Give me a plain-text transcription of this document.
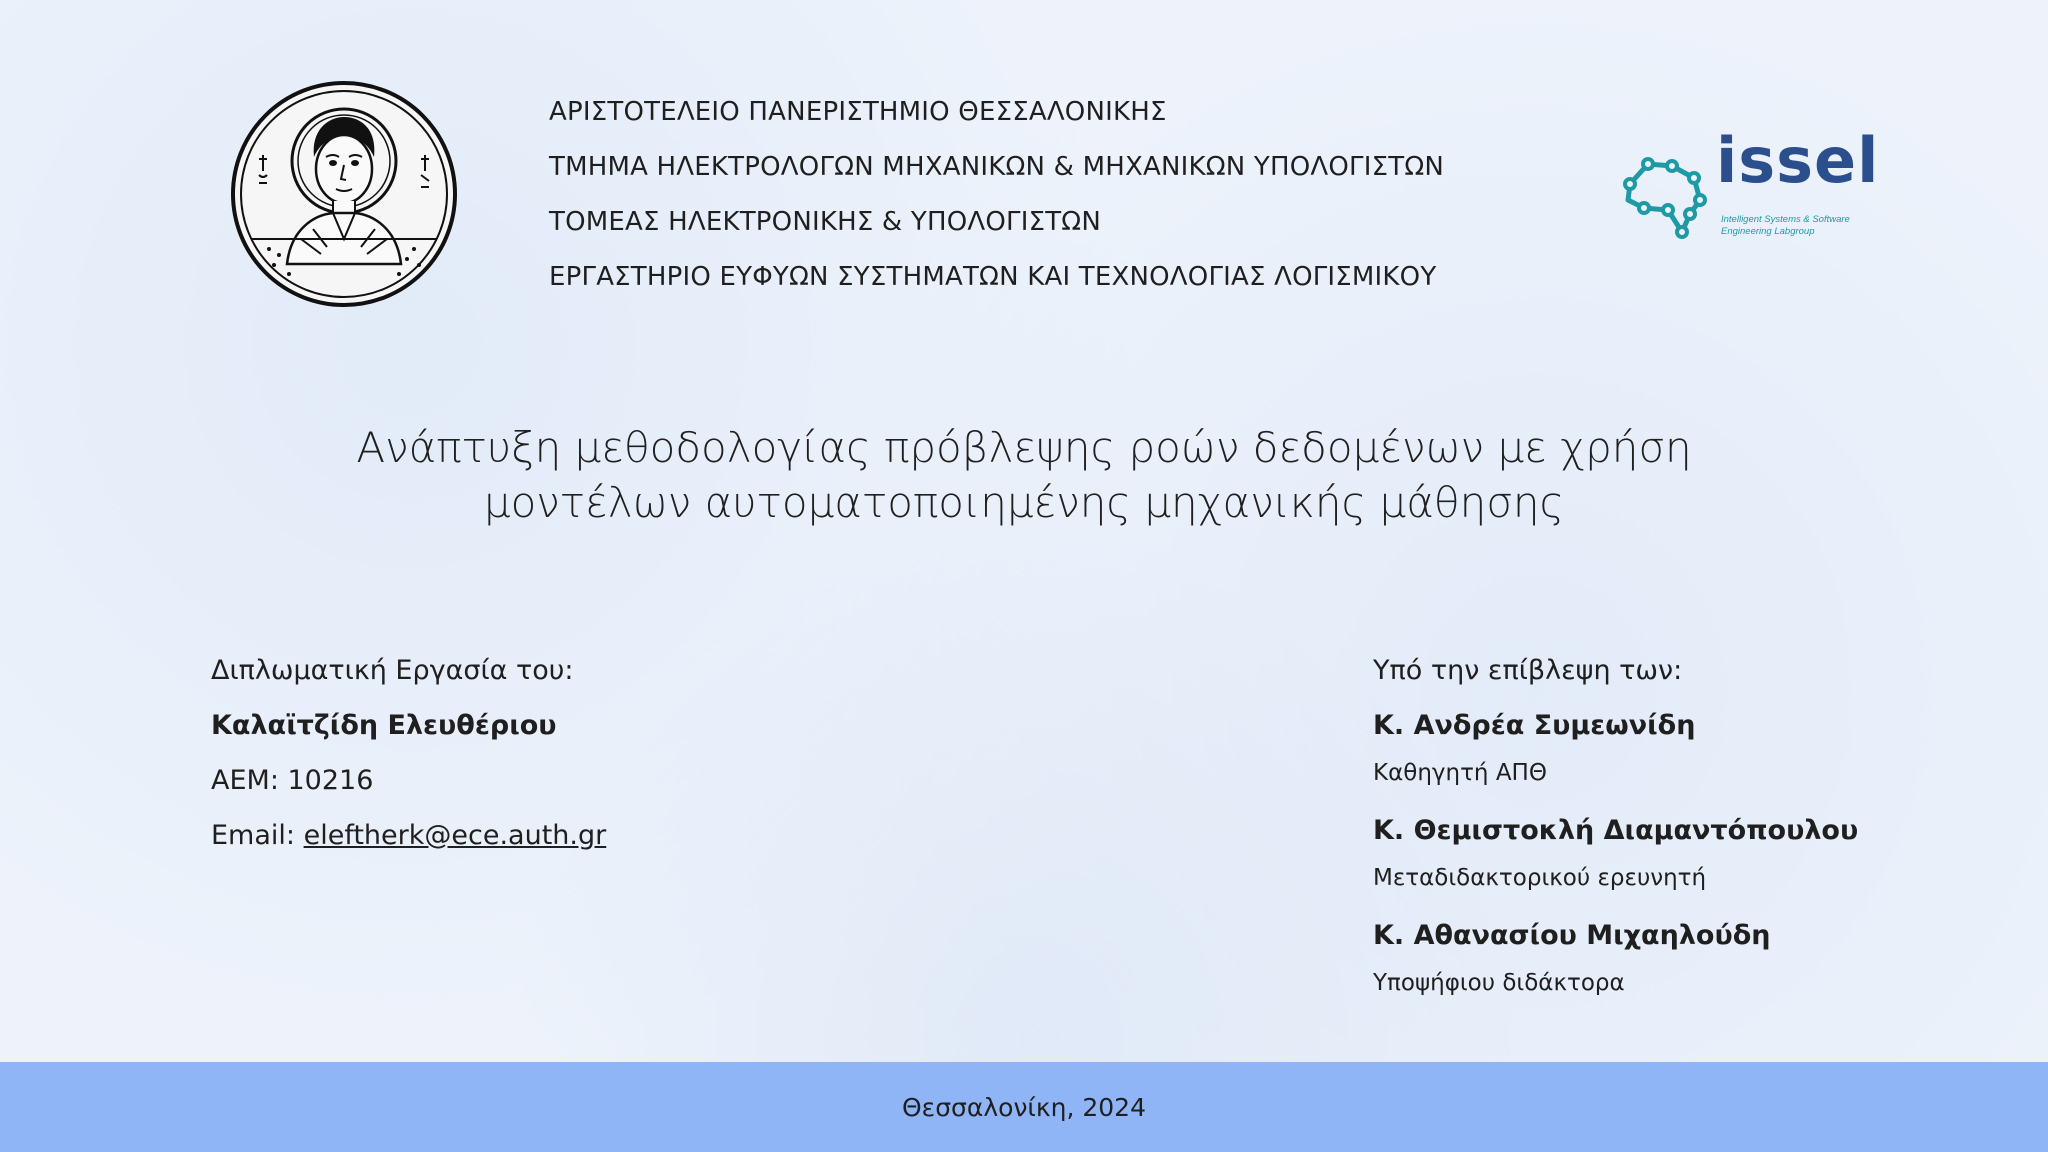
ΑΡΙΣΤΟΤΕΛΕΙΟ ΠΑΝΕΡΙΣΤΗΜΙΟ ΘΕΣΣΑΛΟΝΙΚΗΣ
ΤΜΗΜΑ ΗΛΕΚΤΡΟΛΟΓΩΝ ΜΗΧΑΝΙΚΩΝ & ΜΗΧΑΝΙΚΩΝ ΥΠΟΛΟΓΙΣΤΩΝ
ΤΟΜΕΑΣ ΗΛΕΚΤΡΟΝΙΚΗΣ & ΥΠΟΛΟΓΙΣΤΩΝ
ΕΡΓΑΣΤΗΡΙΟ ΕΥΦΥΩΝ ΣΥΣΤΗΜΑΤΩΝ ΚΑΙ ΤΕΧΝΟΛΟΓΙΑΣ ΛΟΓΙΣΜΙΚΟΥ
issel
Intelligent Systems & Software
Engineering Labgroup
Ανάπτυξη μεθοδολογίας πρόβλεψης ροών δεδομένων με χρήση
μοντέλων αυτοματοποιημένης μηχανικής μάθησης
Διπλωματική Εργασία του:
Καλαϊτζίδη Ελευθέριου
ΑΕΜ: 10216
Email: eleftherk@ece.auth.gr
Υπό την επίβλεψη των:
Κ. Ανδρέα Συμεωνίδη
Καθηγητή ΑΠΘ
Κ. Θεμιστοκλή Διαμαντόπουλου
Μεταδιδακτορικού ερευνητή
Κ. Αθανασίου Μιχαηλούδη
Υποψήφιου διδάκτορα
Θεσσαλονίκη, 2024
